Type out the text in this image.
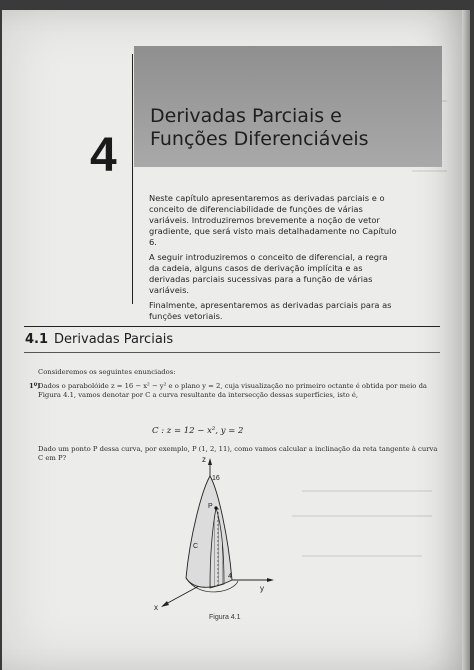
4
Derivadas Parciais e
Funções Diferenciáveis

Neste capítulo apresentaremos as derivadas parciais e o conceito de diferenciabilidade de funções de várias variáveis. Introduziremos brevemente a noção de vetor gradiente, que será visto mais detalhadamente no Capítulo 6.

A seguir introduziremos o conceito de diferencial, a regra da cadeia, alguns casos de derivação implícita e as derivadas parciais sucessivas para a função de várias variáveis.

Finalmente, apresentaremos as derivadas parciais para as funções vetoriais.

4.1 Derivadas Parciais
Consideremos os seguintes enunciados:
1º)
Dados o parabolóide z = 16 − x² − y² e o plano y = 2, cuja visualização no primeiro octante é obtida por meio da Figura 4.1, vamos denotar por C a curva resultante da intersecção dessas superfícies, isto é,
C : z = 12 − x², y = 2
Dado um ponto P dessa curva, por exemplo, P (1, 2, 11), como vamos calcular a inclinação da reta tangente à curva C em P?	z
16
P
C
4
y
x
Figura 4.1
